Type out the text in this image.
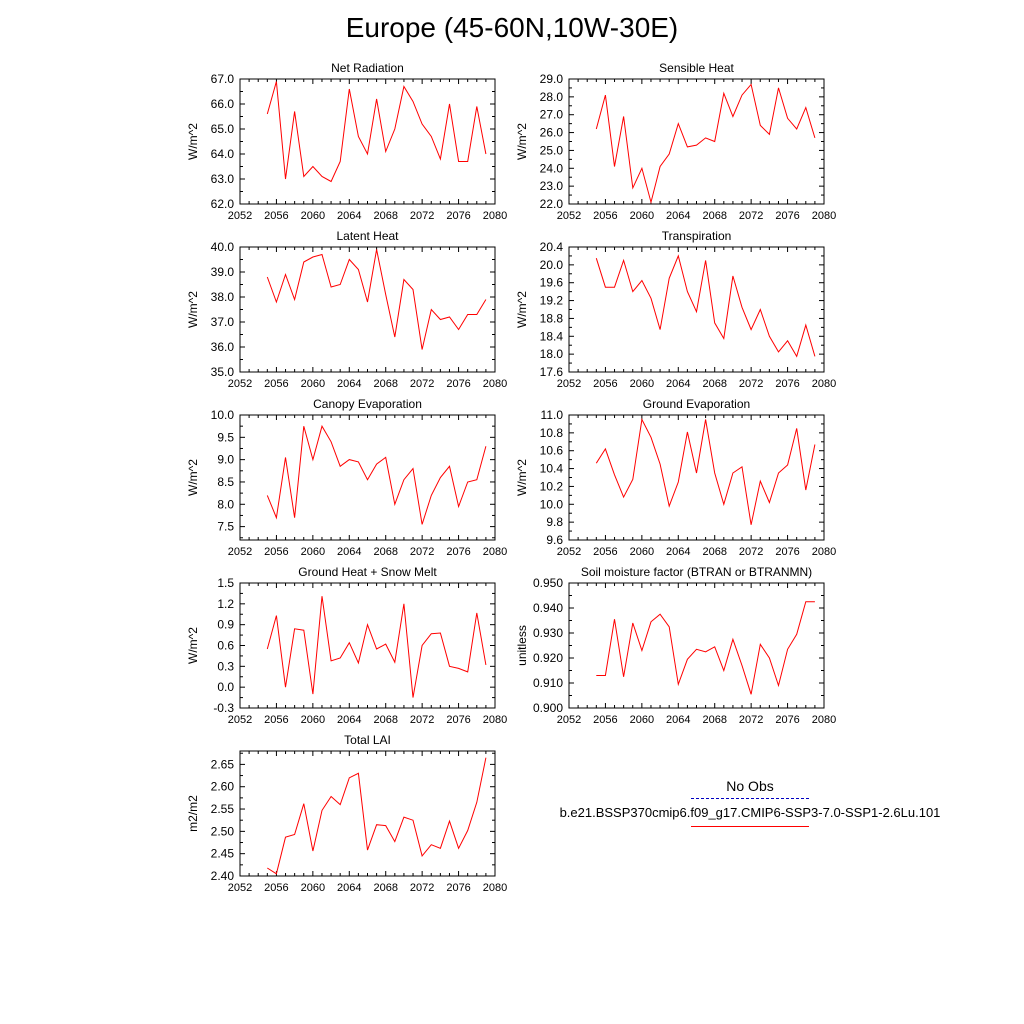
Europe (45-60N,10W-30E)
Net Radiation
2052 2056 2060 2064 2068 2072 2076 2080
62.0
63.0
64.0
65.0
66.0
67.0
W/m^2
Sensible Heat
2052 2056 2060 2064 2068 2072 2076 2080
22.0
23.0
24.0
25.0
26.0
27.0
28.0
29.0
W/m^2
Latent Heat
2052 2056 2060 2064 2068 2072 2076 2080
35.0
36.0
37.0
38.0
39.0
40.0
W/m^2
Transpiration
2052 2056 2060 2064 2068 2072 2076 2080
17.6
18.0
18.4
18.8
19.2
19.6
20.0
20.4
W/m^2
Canopy Evaporation
2052 2056 2060 2064 2068 2072 2076 2080
7.5
8.0
8.5
9.0
9.5
10.0
W/m^2
Ground Evaporation
2052 2056 2060 2064 2068 2072 2076 2080
9.6
9.8
10.0
10.2
10.4
10.6
10.8
11.0
W/m^2
Ground Heat + Snow Melt
2052 2056 2060 2064 2068 2072 2076 2080
-0.3
0.0
0.3
0.6
0.9
1.2
1.5
W/m^2
Soil moisture factor (BTRAN or BTRANMN)
2052 2056 2060 2064 2068 2072 2076 2080
0.900
0.910
0.920
0.930
0.940
0.950
unitless
Total LAI
2052 2056 2060 2064 2068 2072 2076 2080
2.40
2.45
2.50
2.55
2.60
2.65
m2/m2
No Obs
b.e21.BSSP370cmip6.f09_g17.CMIP6-SSP3-7.0-SSP1-2.6Lu.101
